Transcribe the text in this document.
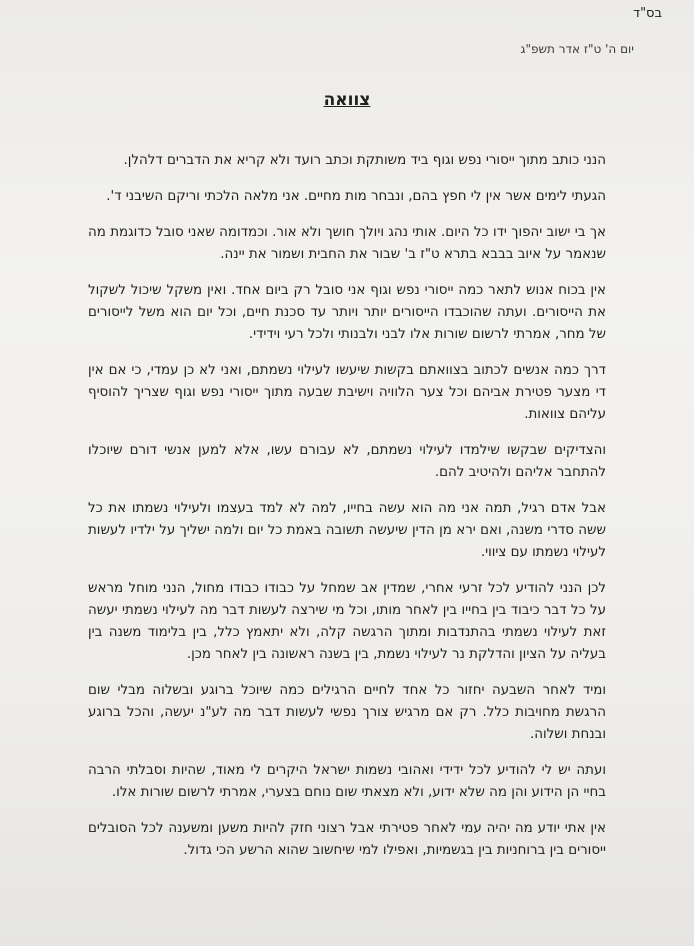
בס"ד
יום ה' ט"ז אדר תשפ"ג
צוואה

הנני כותב מתוך ייסורי נפש וגוף ביד משותקת וכתב רועד ולא קריא את הדברים דלהלן.

הגעתי לימים אשר אין לי חפץ בהם, ונבחר מות מחיים. אני מלאה הלכתי וריקם השיבני ד'.

אך בי ישוב יהפוך ידו כל היום. אותי נהג ויולך חושך ולא אור. וכמדומה שאני סובל כדוגמת מה שנאמר על איוב בבבא בתרא ט"ז ב' שבור את החבית ושמור את יינה.

אין בכוח אנוש לתאר כמה ייסורי נפש וגוף אני סובל רק ביום אחד. ואין משקל שיכול לשקול את הייסורים. ועתה שהוכבדו הייסורים יותר ויותר עד סכנת חיים, וכל יום הוא משל לייסורים של מחר, אמרתי לרשום שורות אלו לבני ולבנותי ולכל רעי וידידי.

דרך כמה אנשים לכתוב בצוואתם בקשות שיעשו לעילוי נשמתם, ואני לא כן עמדי, כי אם אין די מצער פטירת אביהם וכל צער הלוויה וישיבת שבעה מתוך ייסורי נפש וגוף שצריך להוסיף עליהם צוואות.

והצדיקים שבקשו שילמדו לעילוי נשמתם, לא עבורם עשו, אלא למען אנשי דורם שיוכלו להתחבר אליהם ולהיטיב להם.

אבל אדם רגיל, תמה אני מה הוא עשה בחייו, למה לא למד בעצמו ולעילוי נשמתו את כל ששה סדרי משנה, ואם ירא מן הדין שיעשה תשובה באמת כל יום ולמה ישליך על ילדיו לעשות לעילוי נשמתו עם ציווי.

לכן הנני להודיע לכל זרעי אחרי, שמדין אב שמחל על כבודו כבודו מחול, הנני מוחל מראש על כל דבר כיבוד בין בחייו בין לאחר מותו, וכל מי שירצה לעשות דבר מה לעילוי נשמתי יעשה זאת לעילוי נשמתי בהתנדבות ומתוך הרגשה קלה, ולא יתאמץ כלל, בין בלימוד משנה בין בעליה על הציון והדלקת נר לעילוי נשמת, בין בשנה ראשונה בין לאחר מכן.

ומיד לאחר השבעה יחזור כל אחד לחיים הרגילים כמה שיוכל ברוגע ובשלוה מבלי שום הרגשת מחויבות כלל. רק אם מרגיש צורך נפשי לעשות דבר מה לע"נ יעשה, והכל ברוגע ובנחת ושלוה.

ועתה יש לי להודיע לכל ידידי ואהובי נשמות ישראל היקרים לי מאוד, שהיות וסבלתי הרבה בחיי הן הידוע והן מה שלא ידוע, ולא מצאתי שום נוחם בצערי, אמרתי לרשום שורות אלו.

אין אתי יודע מה יהיה עמי לאחר פטירתי אבל רצוני חזק להיות משען ומשענה לכל הסובלים ייסורים בין ברוחניות בין בגשמיות, ואפילו למי שיחשוב שהוא הרשע הכי גדול.
